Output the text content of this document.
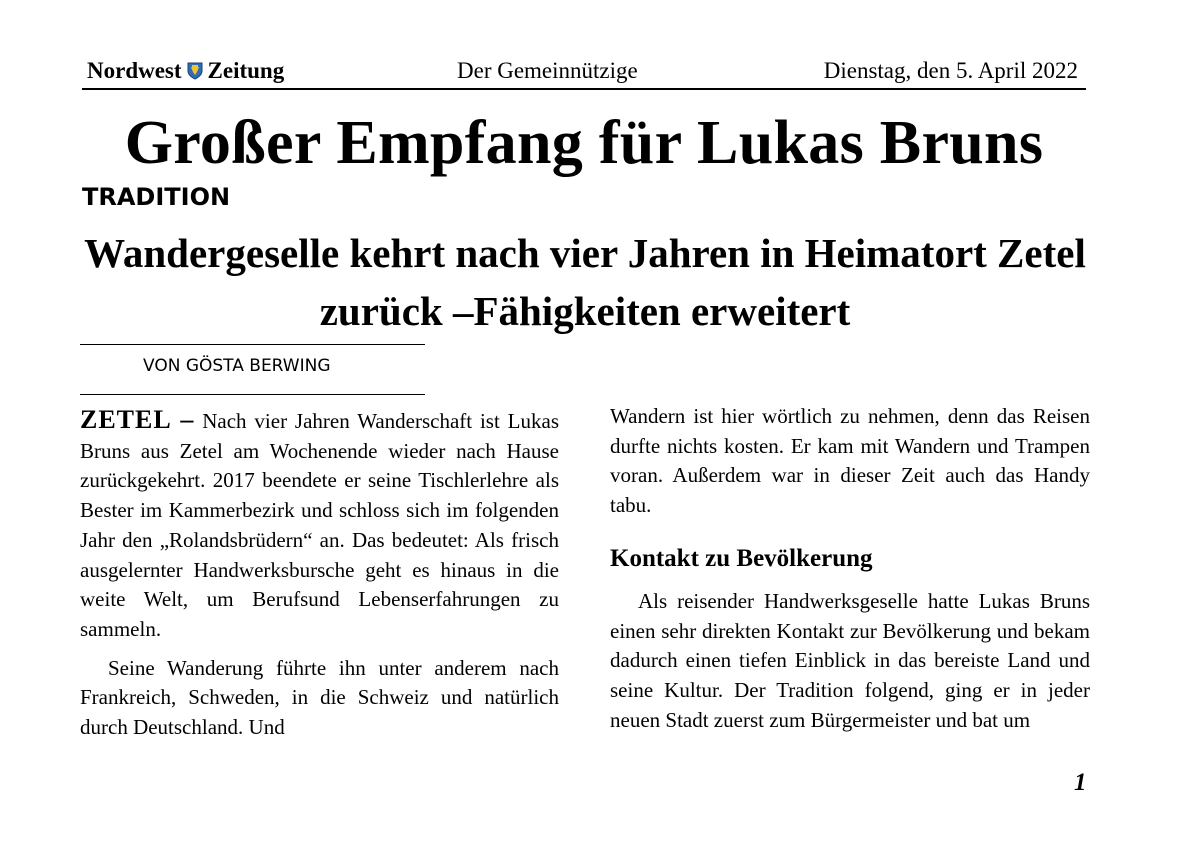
Nordwest Zeitung	Der Gemeinnützige	Dienstag, den 5. April 2022
Großer Empfang für Lukas Bruns
TRADITION
Wandergeselle kehrt nach vier Jahren in Heimatort Zetel zurück –Fähigkeiten erweitert
VON GÖSTA BERWING

ZETEL – Nach vier Jahren Wanderschaft ist Lukas Bruns aus Zetel am Wochenende wieder nach Hause zurückgekehrt. 2017 beendete er seine Tischlerlehre als Bester im Kammerbezirk und schloss sich im folgenden Jahr den „Rolandsbrüdern“ an. Das bedeutet: Als frisch ausgelernter Handwerksbursche geht es hinaus in die weite Welt, um Berufsund Lebenserfahrungen zu sammeln.

Seine Wanderung führte ihn unter anderem nach Frankreich, Schweden, in die Schweiz und natürlich durch Deutschland. Und

Wandern ist hier wörtlich zu nehmen, denn das Reisen durfte nichts kosten. Er kam mit Wandern und Trampen voran. Außerdem war in dieser Zeit auch das Handy tabu.

Kontakt zu Bevölkerung

Als reisender Handwerksgeselle hatte Lukas Bruns einen sehr direkten Kontakt zur Bevölkerung und bekam dadurch einen tiefen Einblick in das bereiste Land und seine Kultur. Der Tradition folgend, ging er in jeder neuen Stadt zuerst zum Bürgermeister und bat um

1
